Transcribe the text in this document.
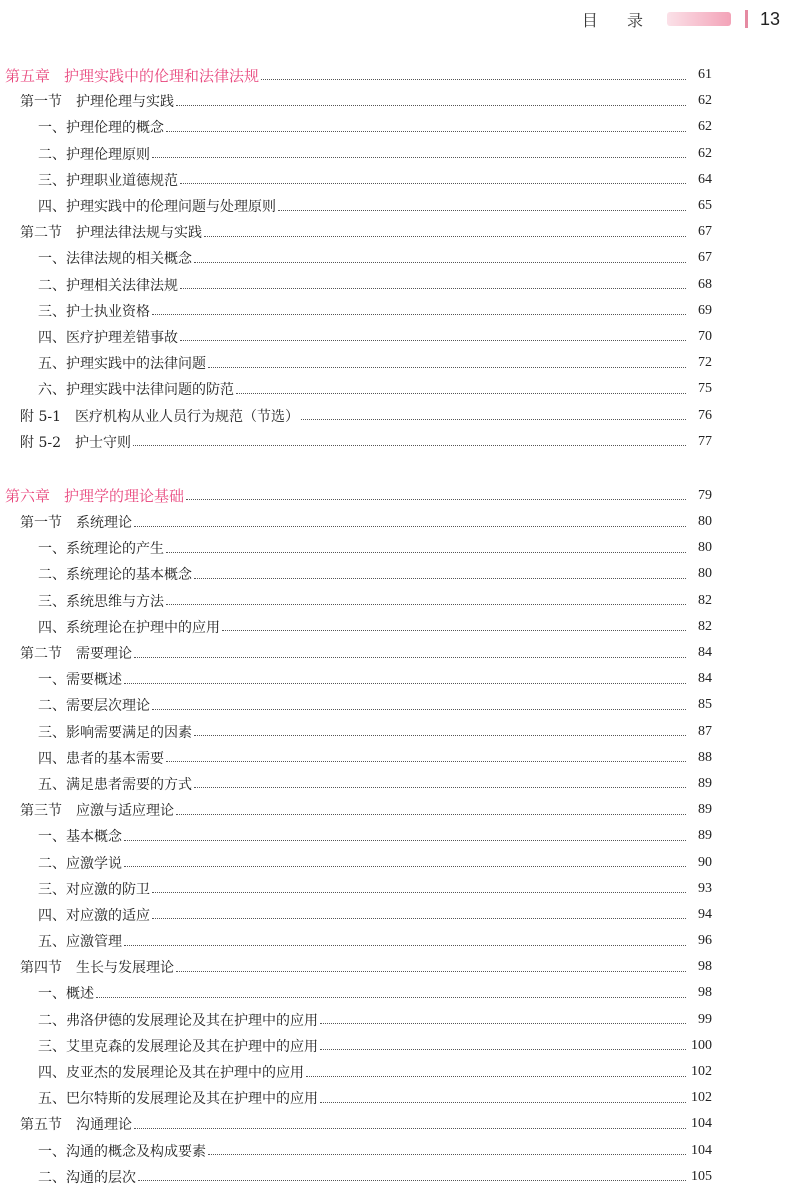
目 录	13
第五章 护理实践中的伦理和法律法规	61
第一节 护理伦理与实践	62
一、护理伦理的概念	62
二、护理伦理原则	62
三、护理职业道德规范	64
四、护理实践中的伦理问题与处理原则	65
第二节 护理法律法规与实践	67
一、法律法规的相关概念	67
二、护理相关法律法规	68
三、护士执业资格	69
四、医疗护理差错事故	70
五、护理实践中的法律问题	72
六、护理实践中法律问题的防范	75
附 5-1 医疗机构从业人员行为规范（节选）	76
附 5-2 护士守则	77
第六章 护理学的理论基础	79
第一节 系统理论	80
一、系统理论的产生	80
二、系统理论的基本概念	80
三、系统思维与方法	82
四、系统理论在护理中的应用	82
第二节 需要理论	84
一、需要概述	84
二、需要层次理论	85
三、影响需要满足的因素	87
四、患者的基本需要	88
五、满足患者需要的方式	89
第三节 应激与适应理论	89
一、基本概念	89
二、应激学说	90
三、对应激的防卫	93
四、对应激的适应	94
五、应激管理	96
第四节 生长与发展理论	98
一、概述	98
二、弗洛伊德的发展理论及其在护理中的应用	99
三、艾里克森的发展理论及其在护理中的应用	100
四、皮亚杰的发展理论及其在护理中的应用	102
五、巴尔特斯的发展理论及其在护理中的应用	102
第五节 沟通理论	104
一、沟通的概念及构成要素	104
二、沟通的层次	105
